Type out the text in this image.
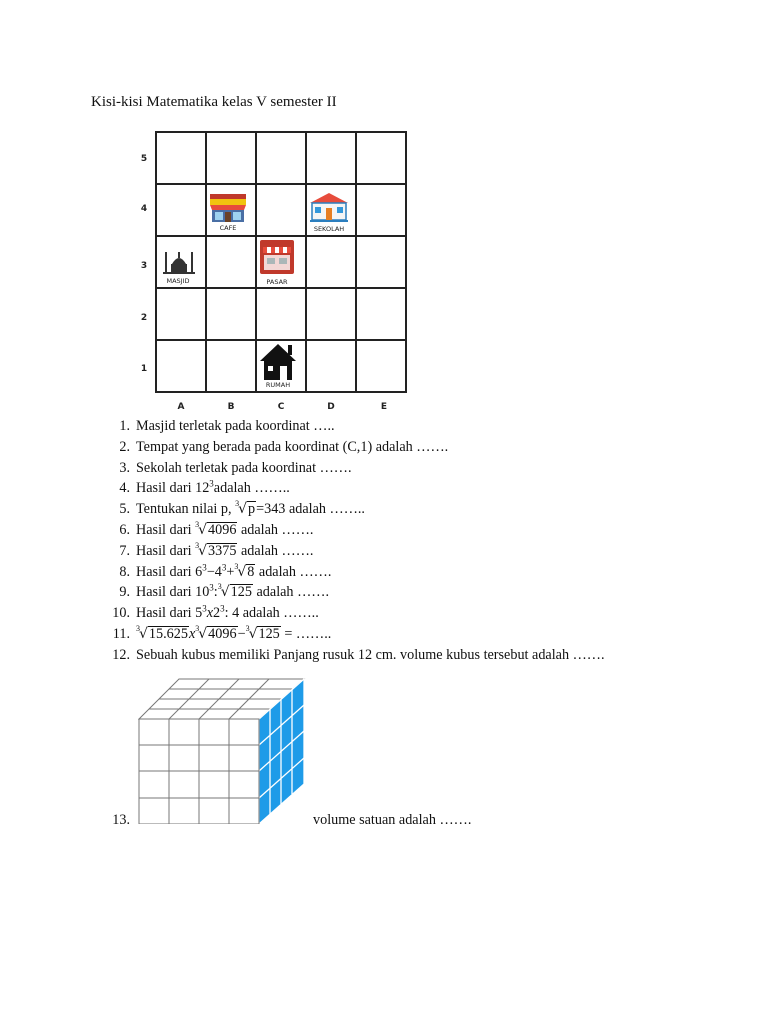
Kisi-kisi Matematika kelas V semester II
5
4
3
2
1
A	B	C	D	E
CAFE	SEKOLAH
MASJID	PASAR
RUMAH
1. Masjid terletak pada koordinat …..
2. Tempat yang berada pada koordinat (C,1) adalah …….
3. Sekolah terletak pada koordinat …….
4. Hasil dari $12^3adalah$ ……..
5. Tentukan nilai p, $^3$√p=343 adalah ……..
6. Hasil dari $^3$√4096 adalah …….
7. Hasil dari $^3$√3375 adalah …….
8. Hasil dari $6^3-4^3+^3√8$ adalah …….
9. Hasil dari $10^3:^3√125$ adalah …….
10. Hasil dari $5^3x2^3$: 4 adalah ……..
11. $^3√15.625x^3√4096-^3√125$ = ……..
12. Sebuah kubus memiliki Panjang rusuk 12 cm. volume kubus tersebut adalah …….
13.	volume satuan adalah …….
